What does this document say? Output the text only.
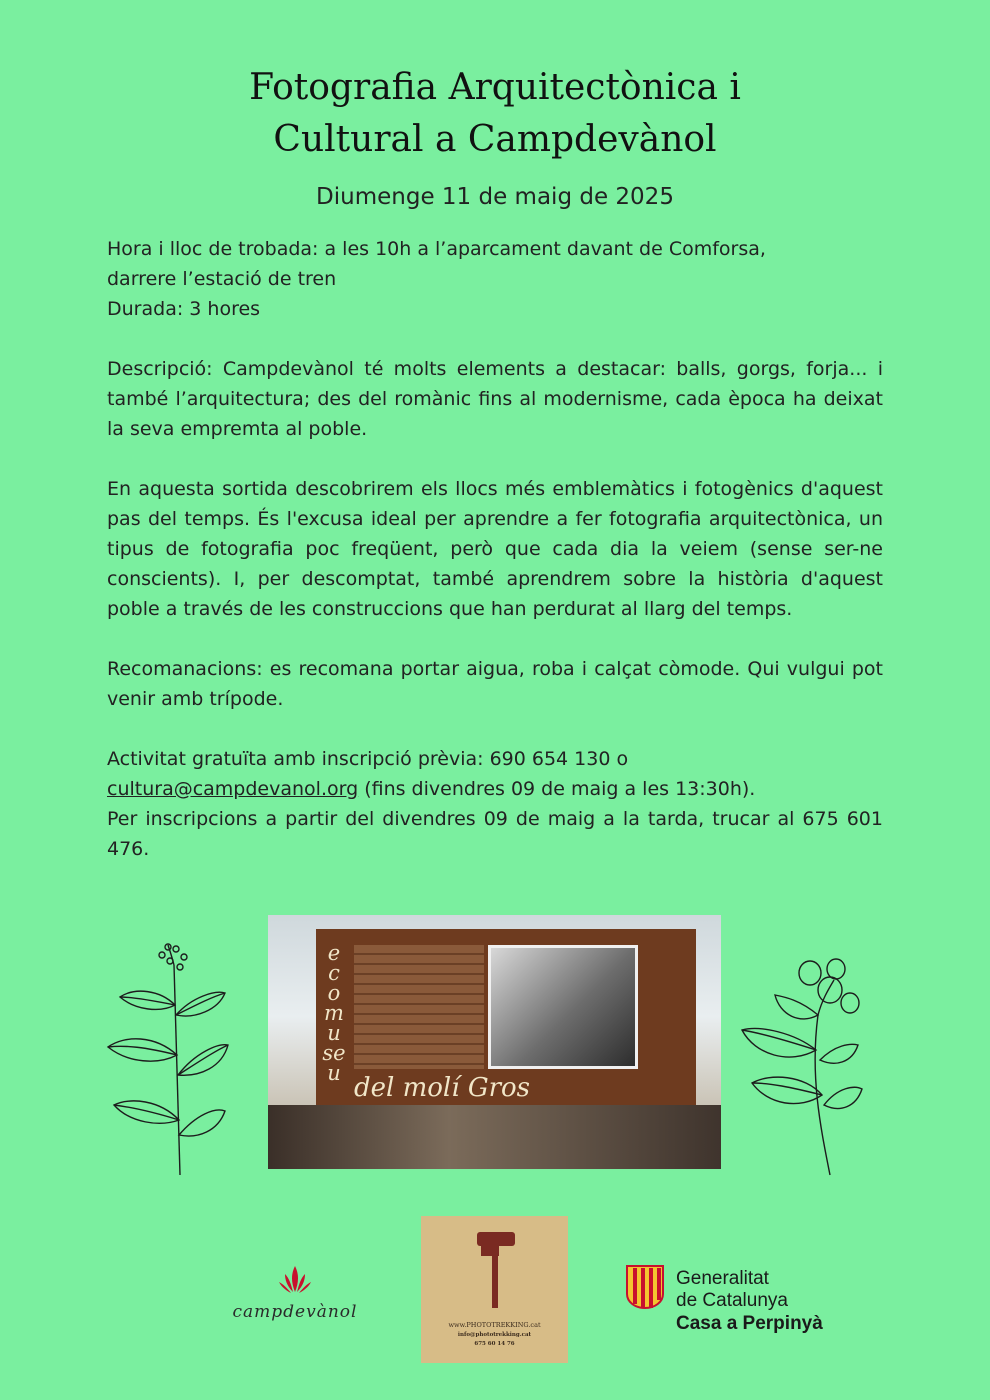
Fotografia Arquitectònica i
Cultural a Campdevànol
Diumenge 11 de maig de 2025

Hora i lloc de trobada: a les 10h a l’aparcament davant de Comforsa,
darrere l’estació de tren
Durada: 3 hores

Descripció: Campdevànol té molts elements a destacar: balls, gorgs, forja... i també l’arquitectura; des del romànic fins al modernisme, cada època ha deixat la seva empremta al poble.

En aquesta sortida descobrirem els llocs més emblemàtics i fotogènics d'aquest pas del temps. És l'excusa ideal per aprendre a fer fotografia arquitectònica, un tipus de fotografia poc freqüent, però que cada dia la veiem (sense ser-ne conscients). I, per descomptat, també aprendrem sobre la història d'aquest poble a través de les construccions que han perdurat al llarg del temps.

Recomanacions: es recomana portar aigua, roba i calçat còmode. Qui vulgui pot venir amb trípode.

Activitat gratuïta amb inscripció prèvia: 690 654 130 o
cultura@campdevanol.org (fins divendres 09 de maig a les 13:30h).
Per inscripcions a partir del divendres 09 de maig a la tarda, trucar al 675 601 476.

ecomuseu del molí Gros
campdevànol
www.PHOTOTREKKING.cat
info@phototrekking.cat
675 60 14 76
Generalitat
de Catalunya
Casa a Perpinyà
